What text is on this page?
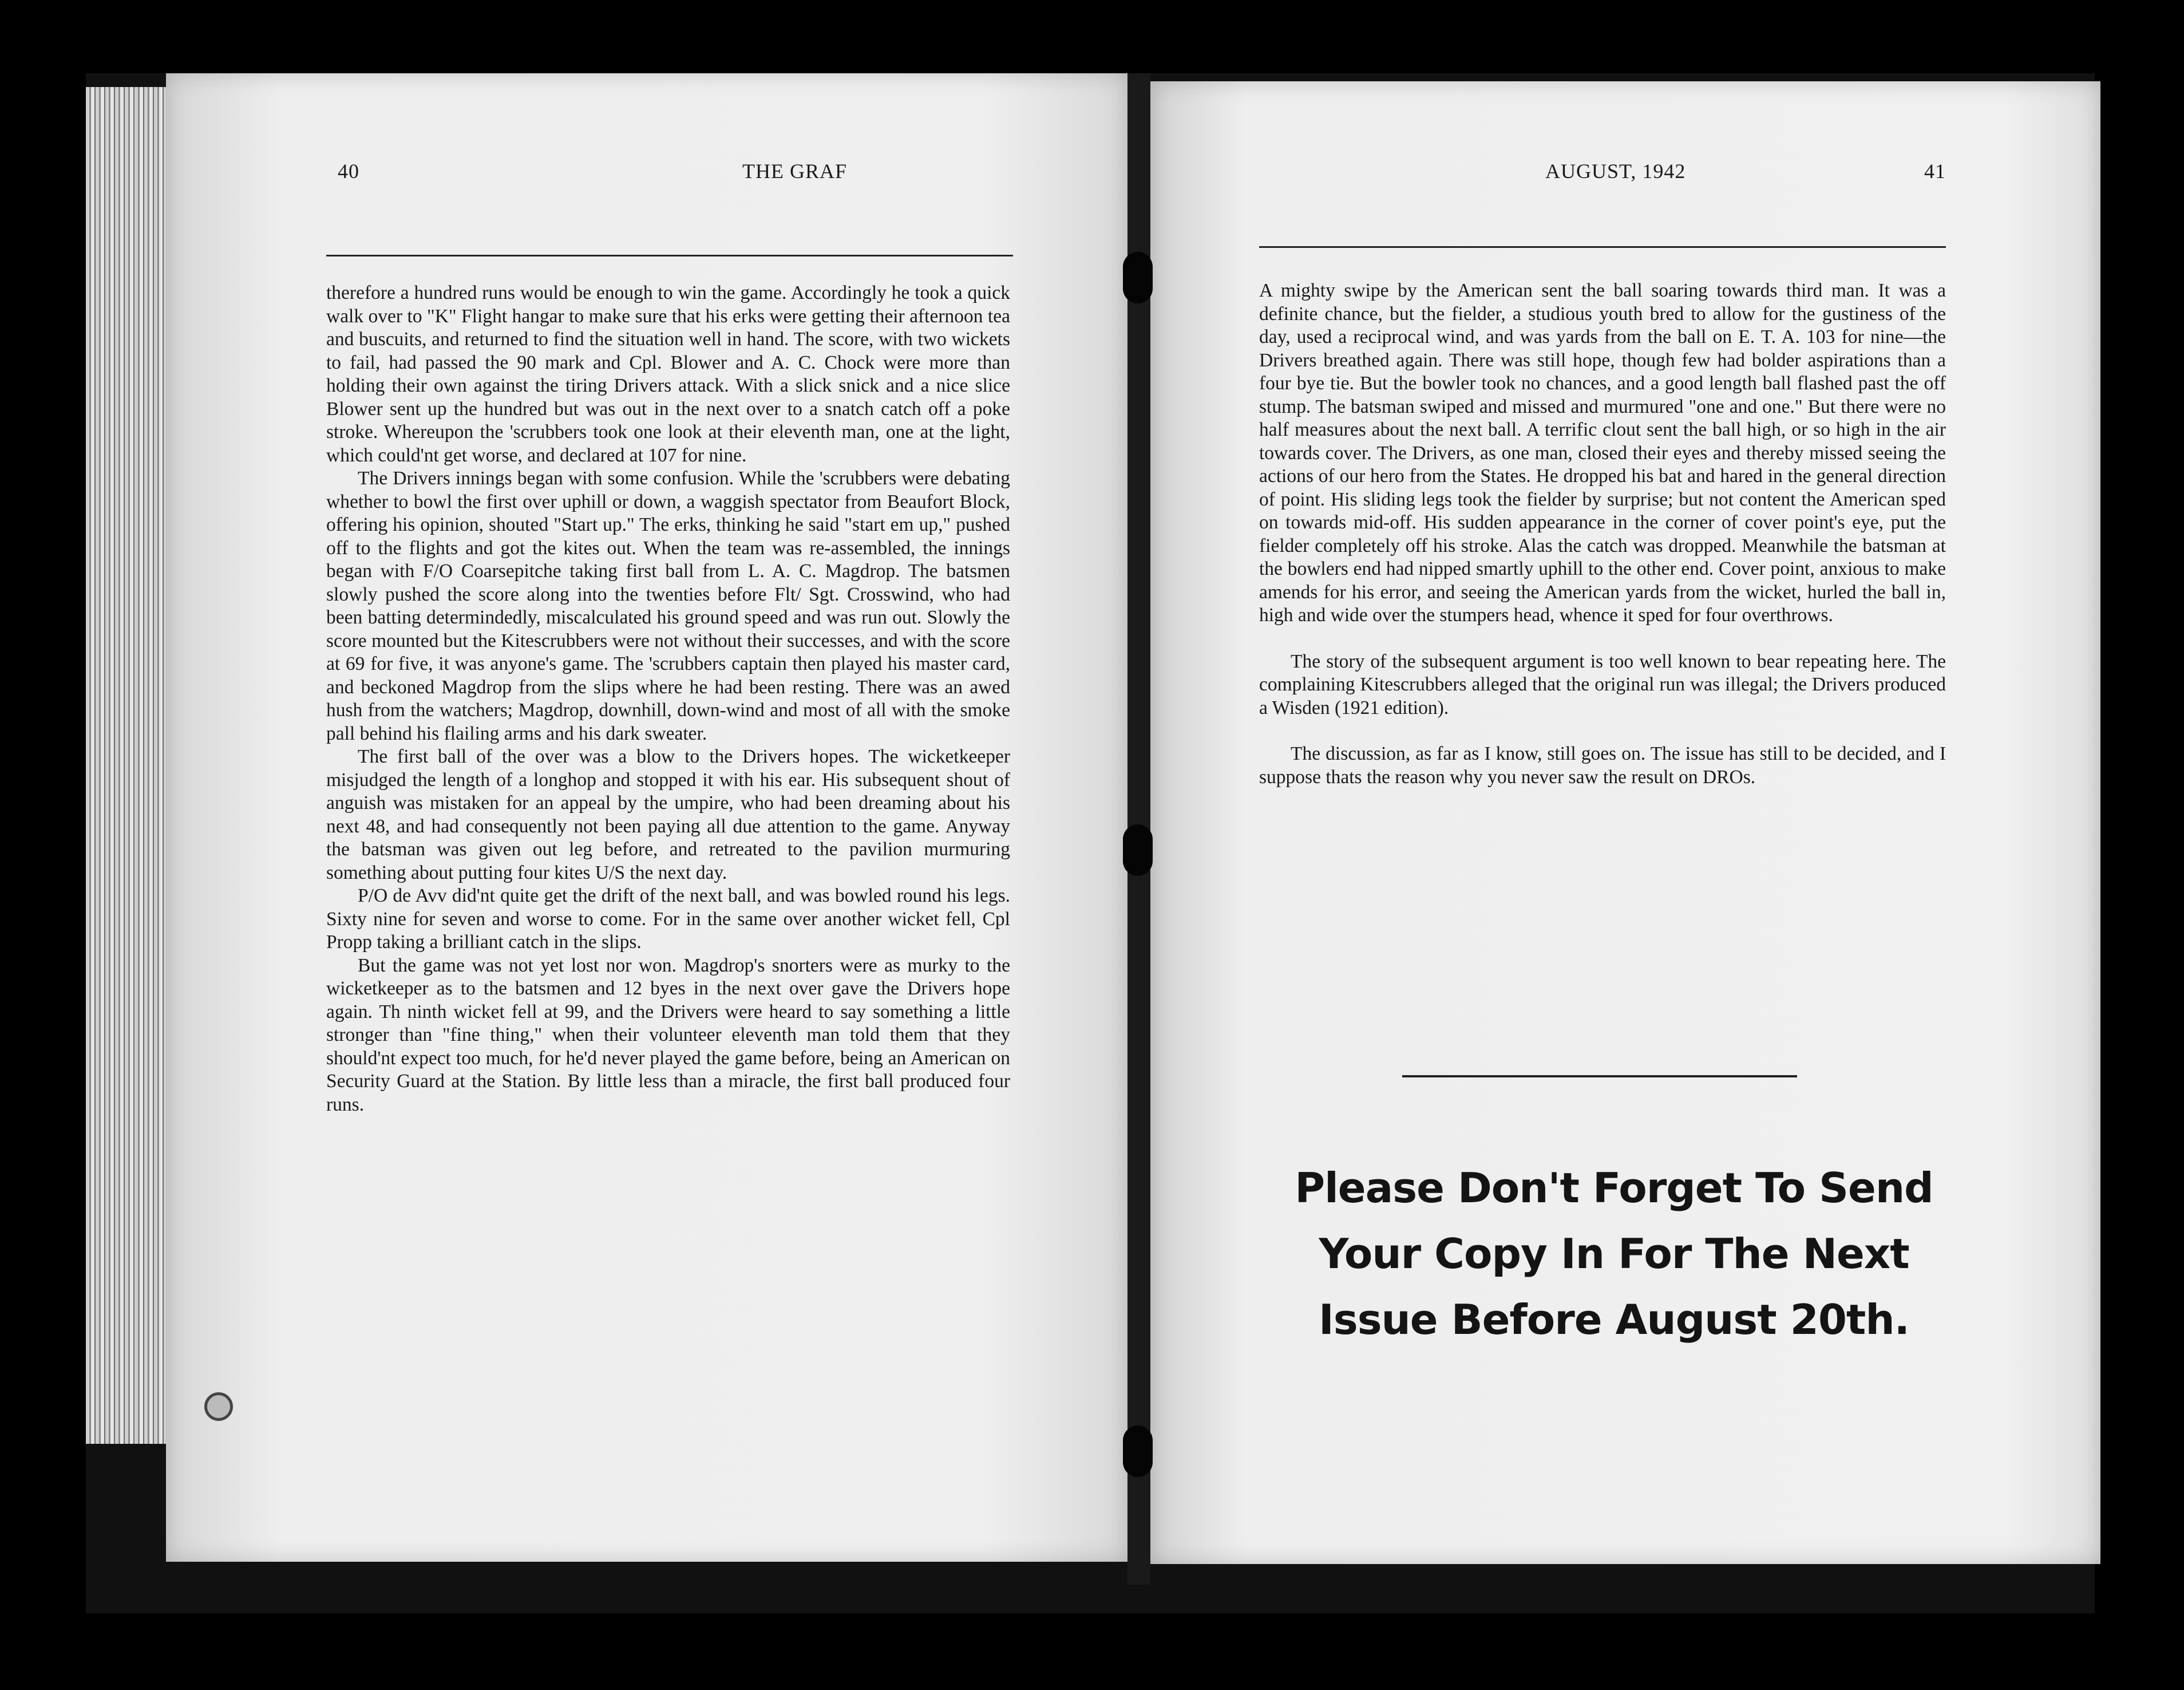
40	THE GRAF	AUGUST, 1942	41

therefore a hundred runs would be enough to win the game. Accordingly he took a quick walk over to "K" Flight hangar to make sure that his erks were getting their afternoon tea and buscuits, and returned to find the situation well in hand. The score, with two wickets to fail, had passed the 90 mark and Cpl. Blower and A. C. Chock were more than holding their own against the tiring Drivers attack. With a slick snick and a nice slice Blower sent up the hundred but was out in the next over to a snatch catch off a poke stroke. Whereupon the 'scrubbers took one look at their eleventh man, one at the light, which could'nt get worse, and declared at 107 for nine.

The Drivers innings began with some confusion. While the 'scrubbers were debating whether to bowl the first over uphill or down, a waggish spectator from Beaufort Block, offering his opinion, shouted "Start up." The erks, thinking he said "start em up," pushed off to the flights and got the kites out. When the team was re-assembled, the innings began with F/O Coarsepitche taking first ball from L. A. C. Magdrop. The batsmen slowly pushed the score along into the twenties before Flt/ Sgt. Crosswind, who had been batting determindedly, miscalculated his ground speed and was run out. Slowly the score mounted but the Kitescrubbers were not without their successes, and with the score at 69 for five, it was anyone's game. The 'scrubbers captain then played his master card, and beckoned Magdrop from the slips where he had been resting. There was an awed hush from the watchers; Magdrop, downhill, down-wind and most of all with the smoke pall behind his flailing arms and his dark sweater.

The first ball of the over was a blow to the Drivers hopes. The wicketkeeper misjudged the length of a longhop and stopped it with his ear. His subsequent shout of anguish was mistaken for an appeal by the umpire, who had been dreaming about his next 48, and had consequently not been paying all due attention to the game. Anyway the batsman was given out leg before, and retreated to the pavilion murmuring something about putting four kites U/S the next day.

P/O de Avv did'nt quite get the drift of the next ball, and was bowled round his legs. Sixty nine for seven and worse to come. For in the same over another wicket fell, Cpl Propp taking a brilliant catch in the slips.

But the game was not yet lost nor won. Magdrop's snorters were as murky to the wicketkeeper as to the batsmen and 12 byes in the next over gave the Drivers hope again. Th ninth wicket fell at 99, and the Drivers were heard to say something a little stronger than "fine thing," when their volunteer eleventh man told them that they should'nt expect too much, for he'd never played the game before, being an American on Security Guard at the Station. By little less than a miracle, the first ball produced four runs.

A mighty swipe by the American sent the ball soaring towards third man. It was a definite chance, but the fielder, a studious youth bred to allow for the gustiness of the day, used a reciprocal wind, and was yards from the ball on E. T. A. 103 for nine—the Drivers breathed again. There was still hope, though few had bolder aspirations than a four bye tie. But the bowler took no chances, and a good length ball flashed past the off stump. The batsman swiped and missed and murmured "one and one." But there were no half measures about the next ball. A terrific clout sent the ball high, or so high in the air towards cover. The Drivers, as one man, closed their eyes and thereby missed seeing the actions of our hero from the States. He dropped his bat and hared in the general direction of point. His sliding legs took the fielder by surprise; but not content the American sped on towards mid-off. His sudden appearance in the corner of cover point's eye, put the fielder completely off his stroke. Alas the catch was dropped. Meanwhile the batsman at the bowlers end had nipped smartly uphill to the other end. Cover point, anxious to make amends for his error, and seeing the American yards from the wicket, hurled the ball in, high and wide over the stumpers head, whence it sped for four overthrows.

The story of the subsequent argument is too well known to bear repeating here. The complaining Kitescrubbers alleged that the original run was illegal; the Drivers produced a Wisden (1921 edition).

The discussion, as far as I know, still goes on. The issue has still to be decided, and I suppose thats the reason why you never saw the result on DROs.

Please Don't Forget To Send
Your Copy In For The Next
Issue Before August 20th.
